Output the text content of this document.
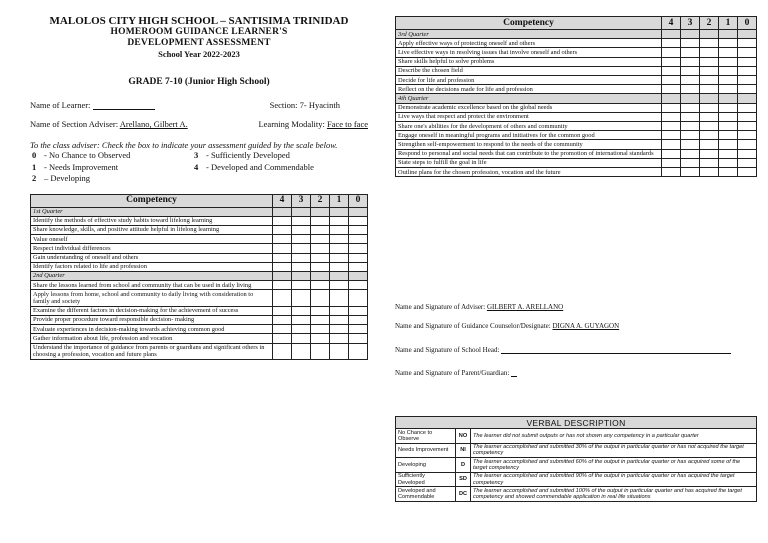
MALOLOS CITY HIGH SCHOOL – SANTISIMA TRINIDAD
HOMEROOM GUIDANCE LEARNER'S
DEVELOPMENT ASSESSMENT
School Year 2022-2023
GRADE 7-10 (Junior High School)
Name of Learner:	Section: 7- Hyacinth
Name of Section Adviser: Arellano, Gilbert A.	Learning Modality: Face to face
To the class adviser: Check the box to indicate your assessment guided by the scale below.
0 - No Chance to Observed	3 - Sufficiently Developed
1 - Needs Improvement	4 - Developed and Commendable
2 – Developing
Competency	4	3	2	1	0
1st Quarter					
Identify the methods of effective study habits toward lifelong learning					
Share knowledge, skills, and positive attitude helpful in lifelong learning					
Value oneself					
Respect individual differences					
Gain understanding of oneself and others					
Identify factors related to life and profession					
2nd Quarter					
Share the lessons learned from school and community that can be used in daily living					
Apply lessons from home, school and community to daily living with consideration to family and society					
Examine the different factors in decision-making for the achievement of success					
Provide proper procedure toward responsible decision- making					
Evaluate experiences in decision-making towards achieving common good					
Gather information about life, profession and vocation					
Understand the importance of guidance from parents or guardians and significant others in choosing a profession, vocation and future plans					
Competency	4	3	2	1	0
3rd Quarter					
Apply effective ways of protecting oneself and others					
Live effective ways in resolving issues that involve oneself and others					
Share skills helpful to solve problems					
Describe the chosen field					
Decide for life and profession					
Reflect on the decisions made for life and profession					
4th Quarter					
Demonstrate academic excellence based on the global needs					
Live ways that respect and protect the environment					
Share one's abilities for the development of others and community					
Engage oneself in meaningful programs and initiatives for the common good					
Strengthen self-empowerment to respond to the needs of the community					
Respond to personal and social needs that can contribute to the promotion of international standards					
State steps to fulfill the goal in life					
Outline plans for the chosen profession, vocation and the future					
Name and Signature of Adviser: GILBERT A. ARELLANO
Name and Signature of Guidance Counselor/Designate: DIGNA A. GUYAGON
Name and Signature of School Head:
Name and Signature of Parent/Guardian:
VERBAL DESCRIPTION		
No Chance to Observe	NO	The learner did not submit outputs or has not shown any competency in a particular quarter
Needs Improvement	NI	The learner accomplished and submitted 30% of the output in particular quarter or has not acquired the target competency
Developing	D	The learner accomplished and submitted 60% of the output in particular quarter or has acquired some of the target competency
Sufficiently Developed	SD	The learner accomplished and submitted 90% of the output in particular quarter or has acquired the target competency
Developed and Commendable	DC	The learner accomplished and submitted 100% of the output in particular quarter and has acquired the target competency and showed commendable application in real life situations
